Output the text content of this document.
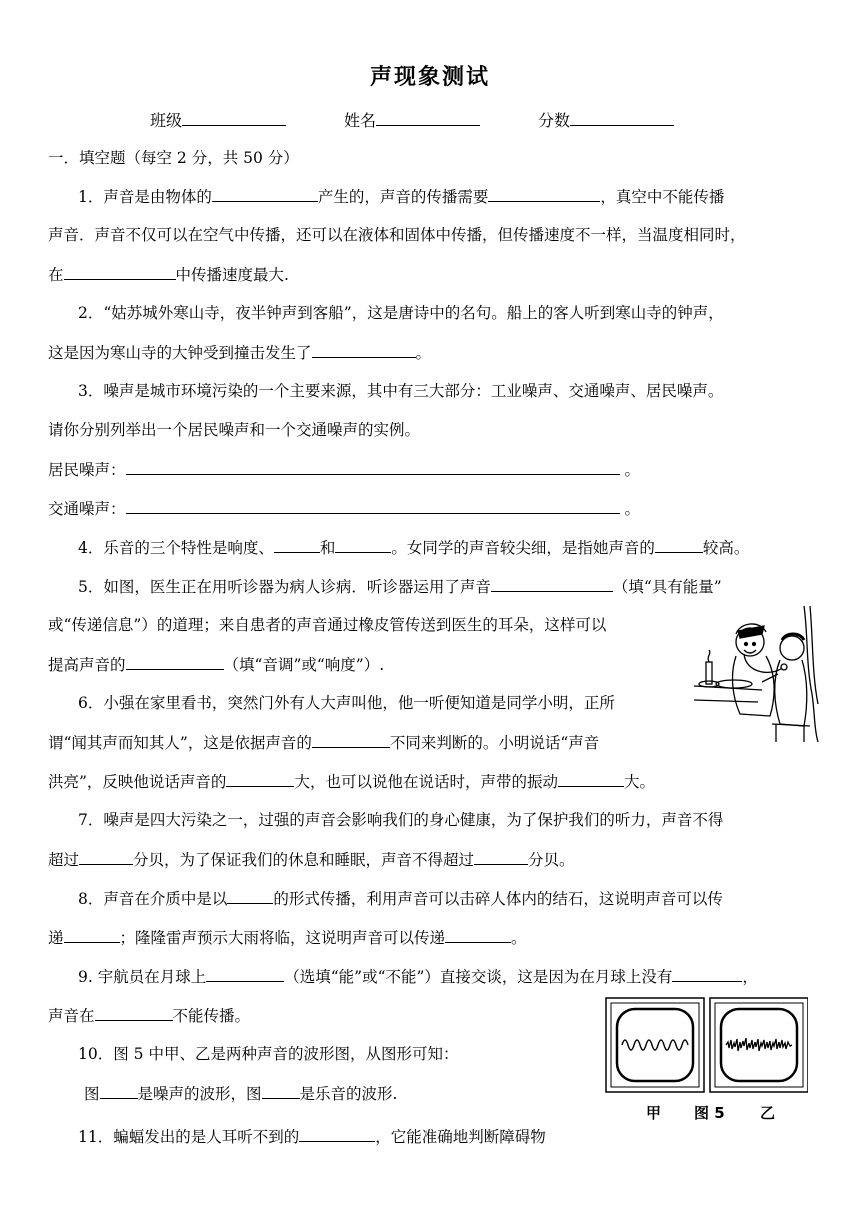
声现象测试
班级	姓名	分数
一．填空题（每空 2 分，共 50 分）
1．声音是由物体的	产生的，声音的传播需要	，真空中不能传播
声音．声音不仅可以在空气中传播，还可以在液体和固体中传播，但传播速度不一样，当温度相同时，
在	中传播速度最大.
2．“姑苏城外寒山寺，夜半钟声到客船”，这是唐诗中的名句。船上的客人听到寒山寺的钟声，
这是因为寒山寺的大钟受到撞击发生了	。
3．噪声是城市环境污染的一个主要来源，其中有三大部分：工业噪声、交通噪声、居民噪声。
请你分别列举出一个居民噪声和一个交通噪声的实例。
居民噪声：	。
交通噪声：	。
4．乐音的三个特性是响度、	和	。女同学的声音较尖细，是指她声音的	较高。
5．如图，医生正在用听诊器为病人诊病．听诊器运用了声音	（填“具有能量”
或“传递信息”）的道理；来自患者的声音通过橡皮管传送到医生的耳朵，这样可以
提高声音的	（填“音调”或“响度”）.
6．小强在家里看书，突然门外有人大声叫他，他一听便知道是同学小明，正所
谓“闻其声而知其人”，这是依据声音的	不同来判断的。小明说话“声音
洪亮”，反映他说话声音的	大，也可以说他在说话时，声带的振动	大。
7．噪声是四大污染之一，过强的声音会影响我们的身心健康，为了保护我们的听力，声音不得
超过	分贝，为了保证我们的休息和睡眠，声音不得超过	分贝。
8．声音在介质中是以	的形式传播，利用声音可以击碎人体内的结石，这说明声音可以传
递	；隆隆雷声预示大雨将临，这说明声音可以传递	。
9. 宇航员在月球上	（选填“能”或“不能”）直接交谈，这是因为在月球上没有	，
声音在	不能传播。
10．图 5 中甲、乙是两种声音的波形图，从图形可知：
图 是噪声的波形，图 是乐音的波形.
11．蝙蝠发出的是人耳听不到的	，它能准确地判断障碍物
甲 图 5 乙
